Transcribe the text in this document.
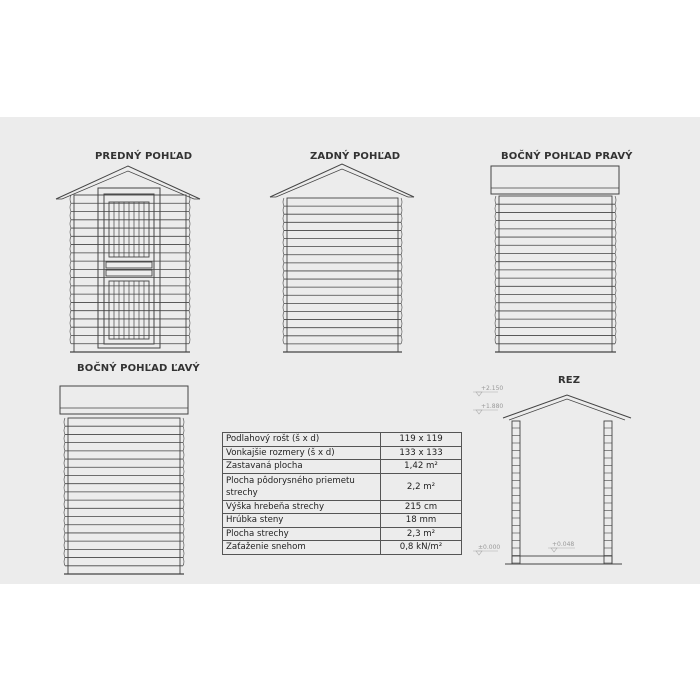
PREDNÝ POHĽAD	ZADNÝ POHĽAD	BOČNÝ POHĽAD PRAVÝ
BOČNÝ POHĽAD ĽAVÝ
REZ
+2.150
+1.880
±0.000	+0.048
Podlahový rošt (š x d)	119 x 119
Vonkajšie rozmery (š x d)	133 x 133
Zastavaná plocha	1,42 m²
Plocha pôdorysného priemetu strechy	2,2 m²
Výška hrebeňa strechy	215 cm
Hrúbka steny	18 mm
Plocha strechy	2,3 m²
Zaťaženie snehom	0,8 kN/m²
